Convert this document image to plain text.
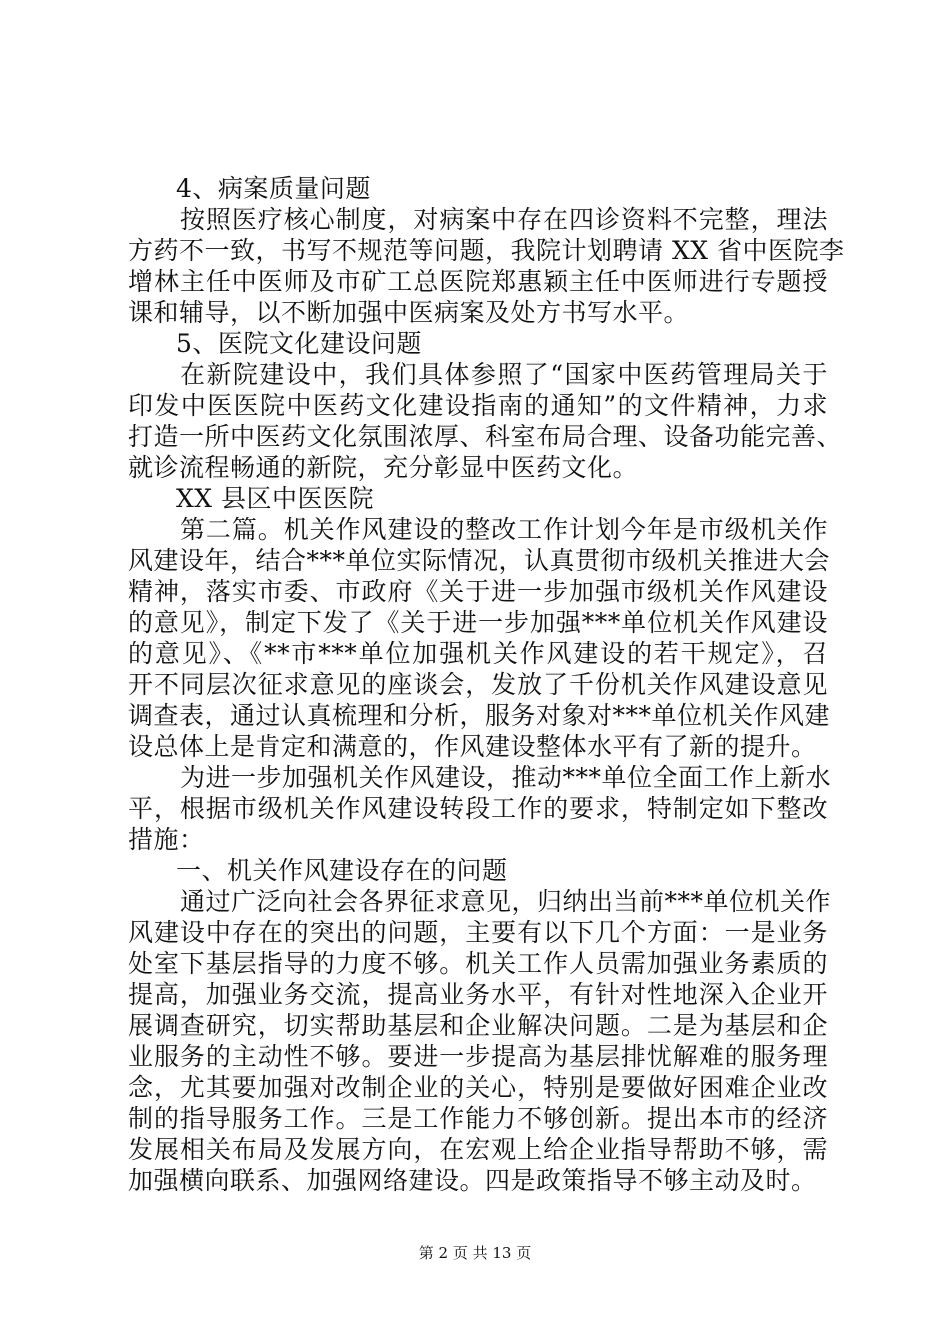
4、病案质量问题
按照医疗核心制度，对病案中存在四诊资料不完整，理法
方药不一致，书写不规范等问题，我院计划聘请 XX 省中医院李
增林主任中医师及市矿工总医院郑惠颖主任中医师进行专题授
课和辅导，以不断加强中医病案及处方书写水平。
5、医院文化建设问题
在新院建设中，我们具体参照了“国家中医药管理局关于
印发中医医院中医药文化建设指南的通知”的文件精神，力求
打造一所中医药文化氛围浓厚、科室布局合理、设备功能完善、
就诊流程畅通的新院，充分彰显中医药文化。
XX 县区中医医院
第二篇。机关作风建设的整改工作计划今年是市级机关作
风建设年，结合***单位实际情况，认真贯彻市级机关推进大会
精神，落实市委、市政府《关于进一步加强市级机关作风建设
的意见》，制定下发了《关于进一步加强***单位机关作风建设
的意见》、《**市***单位加强机关作风建设的若干规定》，召
开不同层次征求意见的座谈会，发放了千份机关作风建设意见
调查表，通过认真梳理和分析，服务对象对***单位机关作风建
设总体上是肯定和满意的，作风建设整体水平有了新的提升。
为进一步加强机关作风建设，推动***单位全面工作上新水
平，根据市级机关作风建设转段工作的要求，特制定如下整改
措施：
一、机关作风建设存在的问题
通过广泛向社会各界征求意见，归纳出当前***单位机关作
风建设中存在的突出的问题，主要有以下几个方面：一是业务
处室下基层指导的力度不够。机关工作人员需加强业务素质的
提高，加强业务交流，提高业务水平，有针对性地深入企业开
展调查研究，切实帮助基层和企业解决问题。二是为基层和企
业服务的主动性不够。要进一步提高为基层排忧解难的服务理
念，尤其要加强对改制企业的关心，特别是要做好困难企业改
制的指导服务工作。三是工作能力不够创新。提出本市的经济
发展相关布局及发展方向，在宏观上给企业指导帮助不够，需
加强横向联系、加强网络建设。四是政策指导不够主动及时。
第 2 页 共 13 页
